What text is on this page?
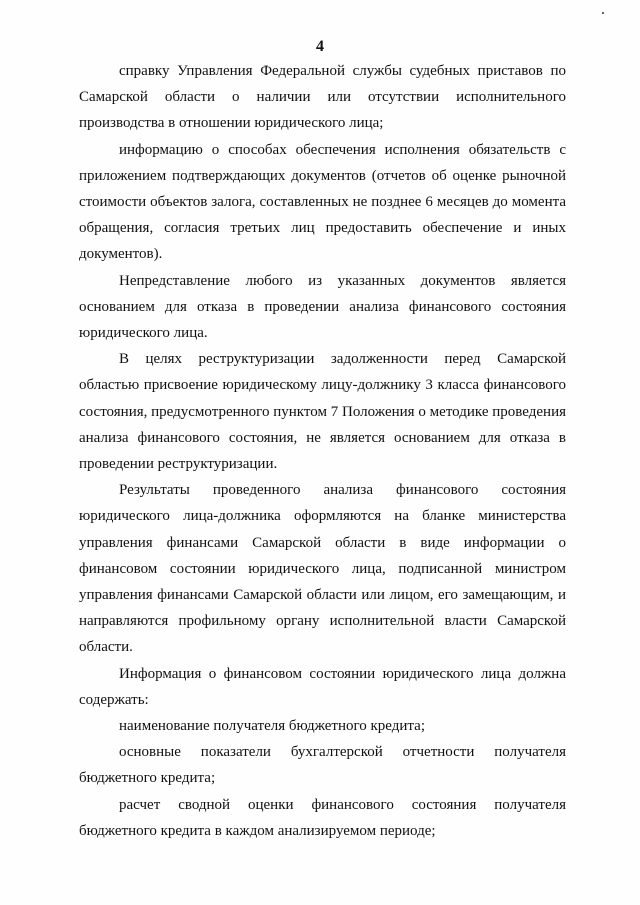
4

справку Управления Федеральной службы судебных приставов по Самарской области о наличии или отсутствии исполнительного производства в отношении юридического лица;

информацию о способах обеспечения исполнения обязательств с приложением подтверждающих документов (отчетов об оценке рыночной стоимости объектов залога, составленных не позднее 6 месяцев до момента обращения, согласия третьих лиц предоставить обеспечение и иных документов).

Непредставление любого из указанных документов является основанием для отказа в проведении анализа финансового состояния юридического лица.

В целях реструктуризации задолженности перед Самарской областью присвоение юридическому лицу-должнику 3 класса финансового состояния, предусмотренного пунктом 7 Положения о методике проведения анализа финансового состояния, не является основанием для отказа в проведении реструктуризации.

Результаты проведенного анализа финансового состояния юридического лица-должника оформляются на бланке министерства управления финансами Самарской области в виде информации о финансовом состоянии юридического лица, подписанной министром управления финансами Самарской области или лицом, его замещающим, и направляются профильному органу исполнительной власти Самарской области.

Информация о финансовом состоянии юридического лица должна содержать:

наименование получателя бюджетного кредита;

основные показатели бухгалтерской отчетности получателя бюджетного кредита;

расчет сводной оценки финансового состояния получателя бюджетного кредита в каждом анализируемом периоде;
